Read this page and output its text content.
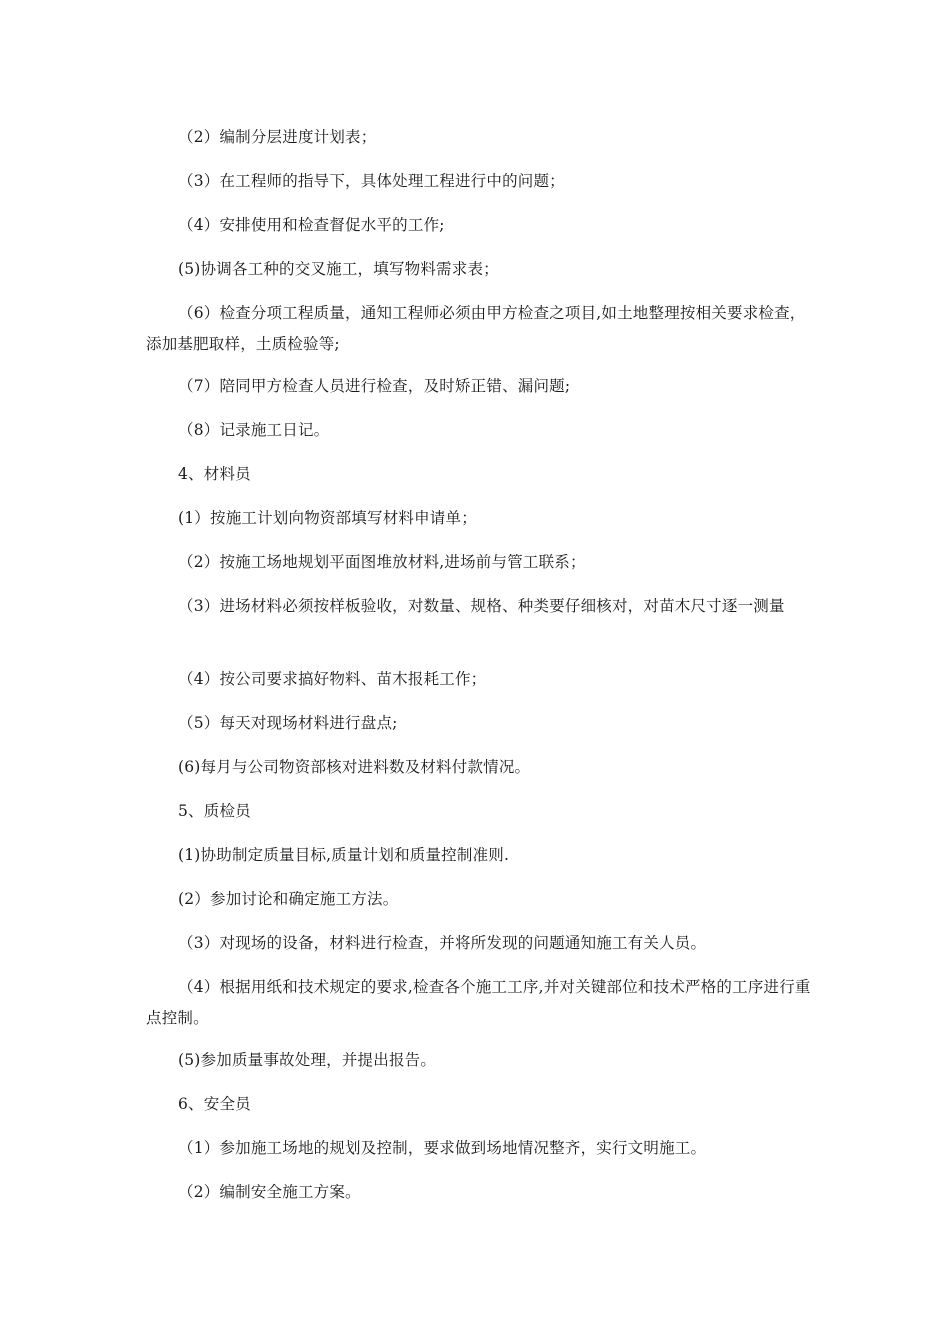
（2）编制分层进度计划表；

（3）在工程师的指导下，具体处理工程进行中的问题；

（4）安排使用和检查督促水平的工作;

(5)协调各工种的交叉施工，填写物料需求表；

（6）检查分项工程质量，通知工程师必须由甲方检查之项目,如土地整理按相关要求检查，添加基肥取样，土质检验等;

（7）陪同甲方检查人员进行检查，及时矫正错、漏问题;

（8）记录施工日记。

4、材料员

(1）按施工计划向物资部填写材料申请单；

（2）按施工场地规划平面图堆放材料,进场前与管工联系；

（3）进场材料必须按样板验收，对数量、规格、种类要仔细核对，对苗木尺寸逐一测量

（4）按公司要求搞好物料、苗木报耗工作；

（5）每天对现场材料进行盘点;

(6)每月与公司物资部核对进料数及材料付款情况。

5、质检员

(1)协助制定质量目标,质量计划和质量控制准则.

(2）参加讨论和确定施工方法。

（3）对现场的设备，材料进行检查，并将所发现的问题通知施工有关人员。

（4）根据用纸和技术规定的要求,检查各个施工工序,并对关键部位和技术严格的工序进行重点控制。

(5)参加质量事故处理，并提出报告。

6、安全员

（1）参加施工场地的规划及控制，要求做到场地情况整齐，实行文明施工。

（2）编制安全施工方案。
